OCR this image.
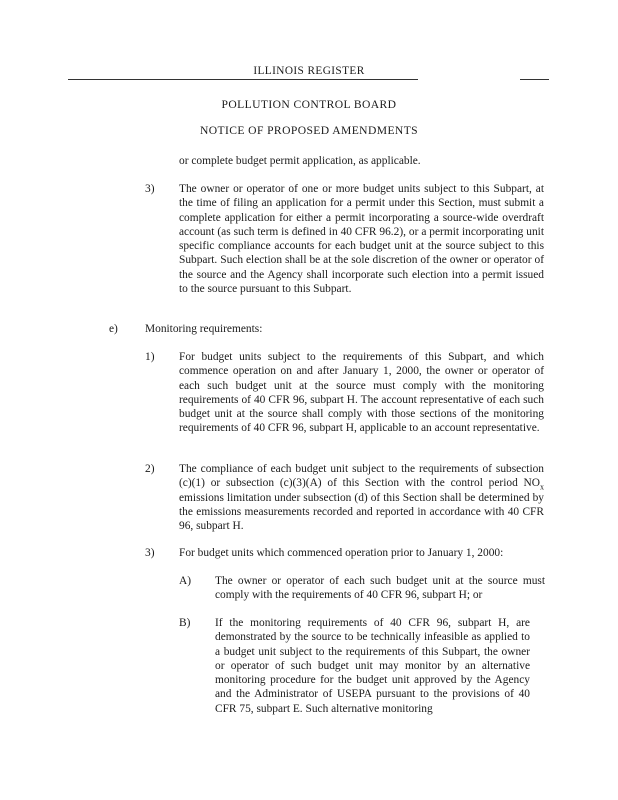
ILLINOIS REGISTER
POLLUTION CONTROL BOARD
NOTICE OF PROPOSED AMENDMENTS
or complete budget permit application, as applicable.
3) The owner or operator of one or more budget units subject to this Subpart, at the time of filing an application for a permit under this Section, must submit a complete application for either a permit incorporating a source-wide overdraft account (as such term is defined in 40 CFR 96.2), or a permit incorporating unit specific compliance accounts for each budget unit at the source subject to this Subpart. Such election shall be at the sole discretion of the owner or operator of the source and the Agency shall incorporate such election into a permit issued to the source pursuant to this Subpart.
e) Monitoring requirements:
1) For budget units subject to the requirements of this Subpart, and which commence operation on and after January 1, 2000, the owner or operator of each such budget unit at the source must comply with the monitoring requirements of 40 CFR 96, subpart H. The account representative of each such budget unit at the source shall comply with those sections of the monitoring requirements of 40 CFR 96, subpart H, applicable to an account representative.
2) The compliance of each budget unit subject to the requirements of subsection (c)(1) or subsection (c)(3)(A) of this Section with the control period $NO_x$ emissions limitation under subsection (d) of this Section shall be determined by the emissions measurements recorded and reported in accordance with 40 CFR 96, subpart H.
3) For budget units which commenced operation prior to January 1, 2000:
A) The owner or operator of each such budget unit at the source must comply with the requirements of 40 CFR 96, subpart H; or
B) If the monitoring requirements of 40 CFR 96, subpart H, are demonstrated by the source to be technically infeasible as applied to a budget unit subject to the requirements of this Subpart, the owner or operator of such budget unit may monitor by an alternative monitoring procedure for the budget unit approved by the Agency and the Administrator of USEPA pursuant to the provisions of 40 CFR 75, subpart E. Such alternative monitoring
